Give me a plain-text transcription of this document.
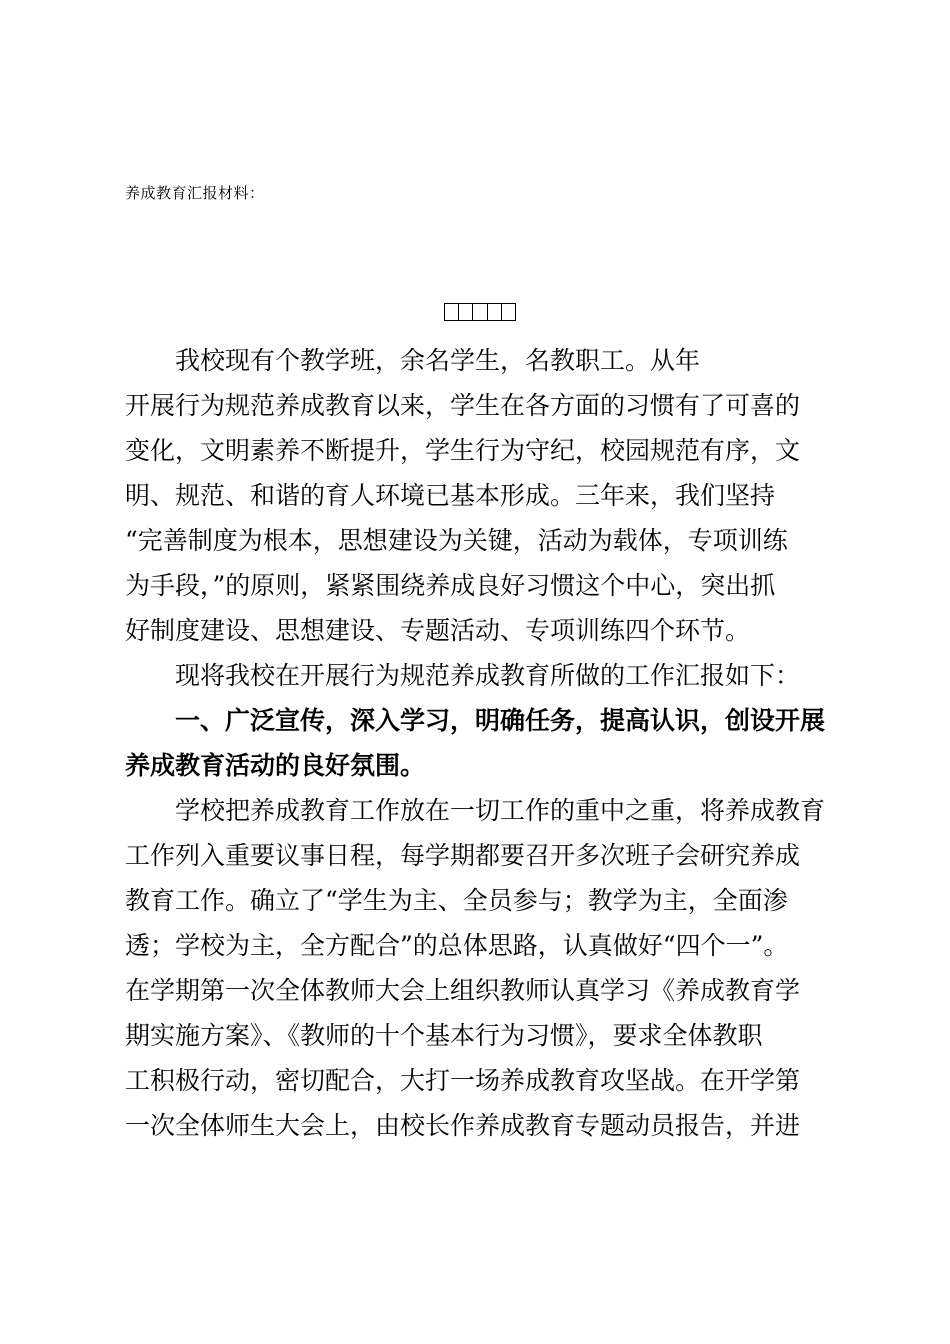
养成教育汇报材料：
　　我校现有个教学班，余名学生，名教职工。从年
开展行为规范养成教育以来，学生在各方面的习惯有了可喜的
变化，文明素养不断提升，学生行为守纪，校园规范有序，文
明、规范、和谐的育人环境已基本形成。三年来，我们坚持
“完善制度为根本，思想建设为关键，活动为载体，专项训练
为手段，”的原则，紧紧围绕养成良好习惯这个中心，突出抓
好制度建设、思想建设、专题活动、专项训练四个环节。
　　现将我校在开展行为规范养成教育所做的工作汇报如下：
　　一、广泛宣传，深入学习，明确任务，提高认识，创设开展
养成教育活动的良好氛围。
　　学校把养成教育工作放在一切工作的重中之重，将养成教育
工作列入重要议事日程，每学期都要召开多次班子会研究养成
教育工作。确立了“学生为主、全员参与；教学为主，全面渗
透；学校为主，全方配合”的总体思路，认真做好“四个一”。
在学期第一次全体教师大会上组织教师认真学习《养成教育学
期实施方案》、《教师的十个基本行为习惯》，要求全体教职
工积极行动，密切配合，大打一场养成教育攻坚战。在开学第
一次全体师生大会上，由校长作养成教育专题动员报告，并进
